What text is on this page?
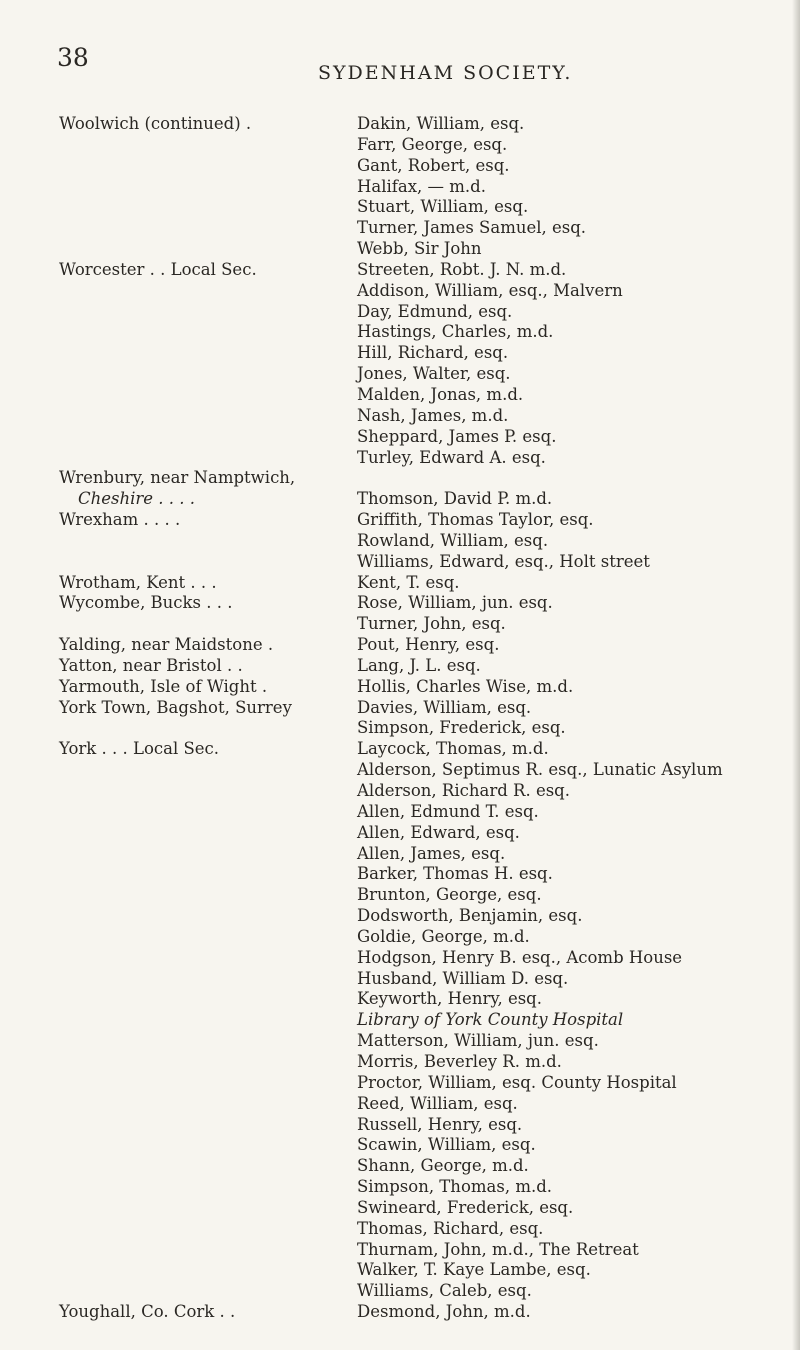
38
SYDENHAM SOCIETY.
Woolwich (continued) .	Dakin, William, esq.
Farr, George, esq.
Gant, Robert, esq.
Halifax, — m.d.
Stuart, William, esq.
Turner, James Samuel, esq.
Webb, Sir John
Worcester . . Local Sec.	Streeten, Robt. J. N. m.d.
Addison, William, esq., Malvern
Day, Edmund, esq.
Hastings, Charles, m.d.
Hill, Richard, esq.
Jones, Walter, esq.
Malden, Jonas, m.d.
Nash, James, m.d.
Sheppard, James P. esq.
Turley, Edward A. esq.
Wrenbury, near Namptwich,
Cheshire . . . .	Thomson, David P. m.d.
Wrexham . . . .	Griffith, Thomas Taylor, esq.
Rowland, William, esq.
Williams, Edward, esq., Holt street
Wrotham, Kent . . .	Kent, T. esq.
Wycombe, Bucks . . .	Rose, William, jun. esq.
Turner, John, esq.
Yalding, near Maidstone .	Pout, Henry, esq.
Yatton, near Bristol . .	Lang, J. L. esq.
Yarmouth, Isle of Wight .	Hollis, Charles Wise, m.d.
York Town, Bagshot, Surrey	Davies, William, esq.
Simpson, Frederick, esq.
York . . . Local Sec.	Laycock, Thomas, m.d.
Alderson, Septimus R. esq., Lunatic Asylum
Alderson, Richard R. esq.
Allen, Edmund T. esq.
Allen, Edward, esq.
Allen, James, esq.
Barker, Thomas H. esq.
Brunton, George, esq.
Dodsworth, Benjamin, esq.
Goldie, George, m.d.
Hodgson, Henry B. esq., Acomb House
Husband, William D. esq.
Keyworth, Henry, esq.
Library of York County Hospital
Matterson, William, jun. esq.
Morris, Beverley R. m.d.
Proctor, William, esq. County Hospital
Reed, William, esq.
Russell, Henry, esq.
Scawin, William, esq.
Shann, George, m.d.
Simpson, Thomas, m.d.
Swineard, Frederick, esq.
Thomas, Richard, esq.
Thurnam, John, m.d., The Retreat
Walker, T. Kaye Lambe, esq.
Williams, Caleb, esq.
Youghall, Co. Cork . .	Desmond, John, m.d.
